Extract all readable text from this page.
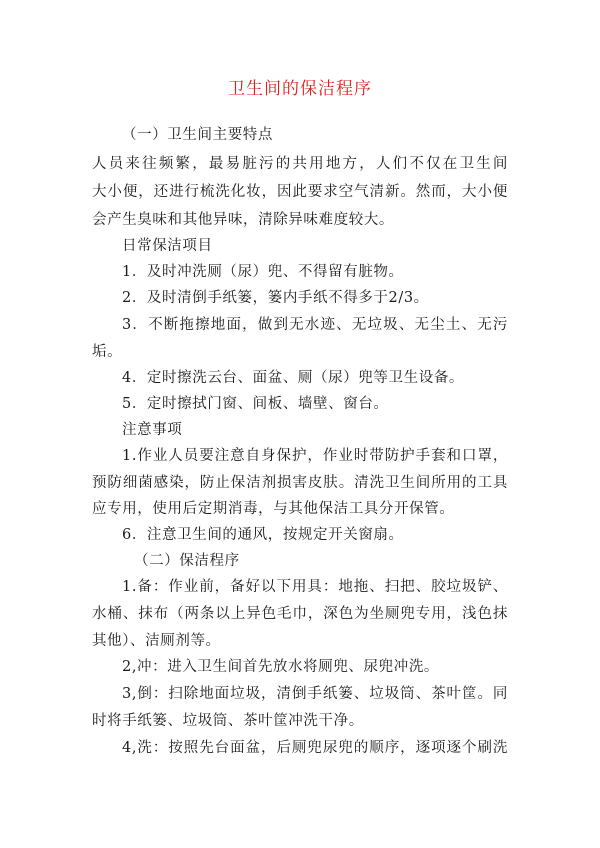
卫生间的保洁程序
（一）卫生间主要特点
人员来往频繁，最易脏污的共用地方，人们不仅在卫生间
大小便，还进行梳洗化妆，因此要求空气清新。然而，大小便
会产生臭味和其他异味，清除异味难度较大。
日常保洁项目
1．及时冲洗厕（尿）兜、不得留有脏物。
2．及时清倒手纸篓，篓内手纸不得多于2/3。
3．不断拖擦地面，做到无水迹、无垃圾、无尘土、无污
垢。
4．定时擦洗云台、面盆、厕（尿）兜等卫生设备。
5．定时擦拭门窗、间板、墙壁、窗台。
注意事项
1.作业人员要注意自身保护，作业时带防护手套和口罩，
预防细菌感染，防止保洁剂损害皮肤。清洗卫生间所用的工具
应专用，使用后定期消毒，与其他保洁工具分开保管。
6．注意卫生间的通风，按规定开关窗扇。
（二）保洁程序
1.备：作业前，备好以下用具：地拖、扫把、胶垃圾铲、
水桶、抹布（两条以上异色毛巾，深色为坐厕兜专用，浅色抹
其他）、洁厕剂等。
2,冲：进入卫生间首先放水将厕兜、尿兜冲洗。
3,倒：扫除地面垃圾，清倒手纸篓、垃圾筒、茶叶筐。同
时将手纸篓、垃圾筒、茶叶筐冲洗干净。
4,洗：按照先台面盆，后厕兜尿兜的顺序，逐项逐个刷洗
